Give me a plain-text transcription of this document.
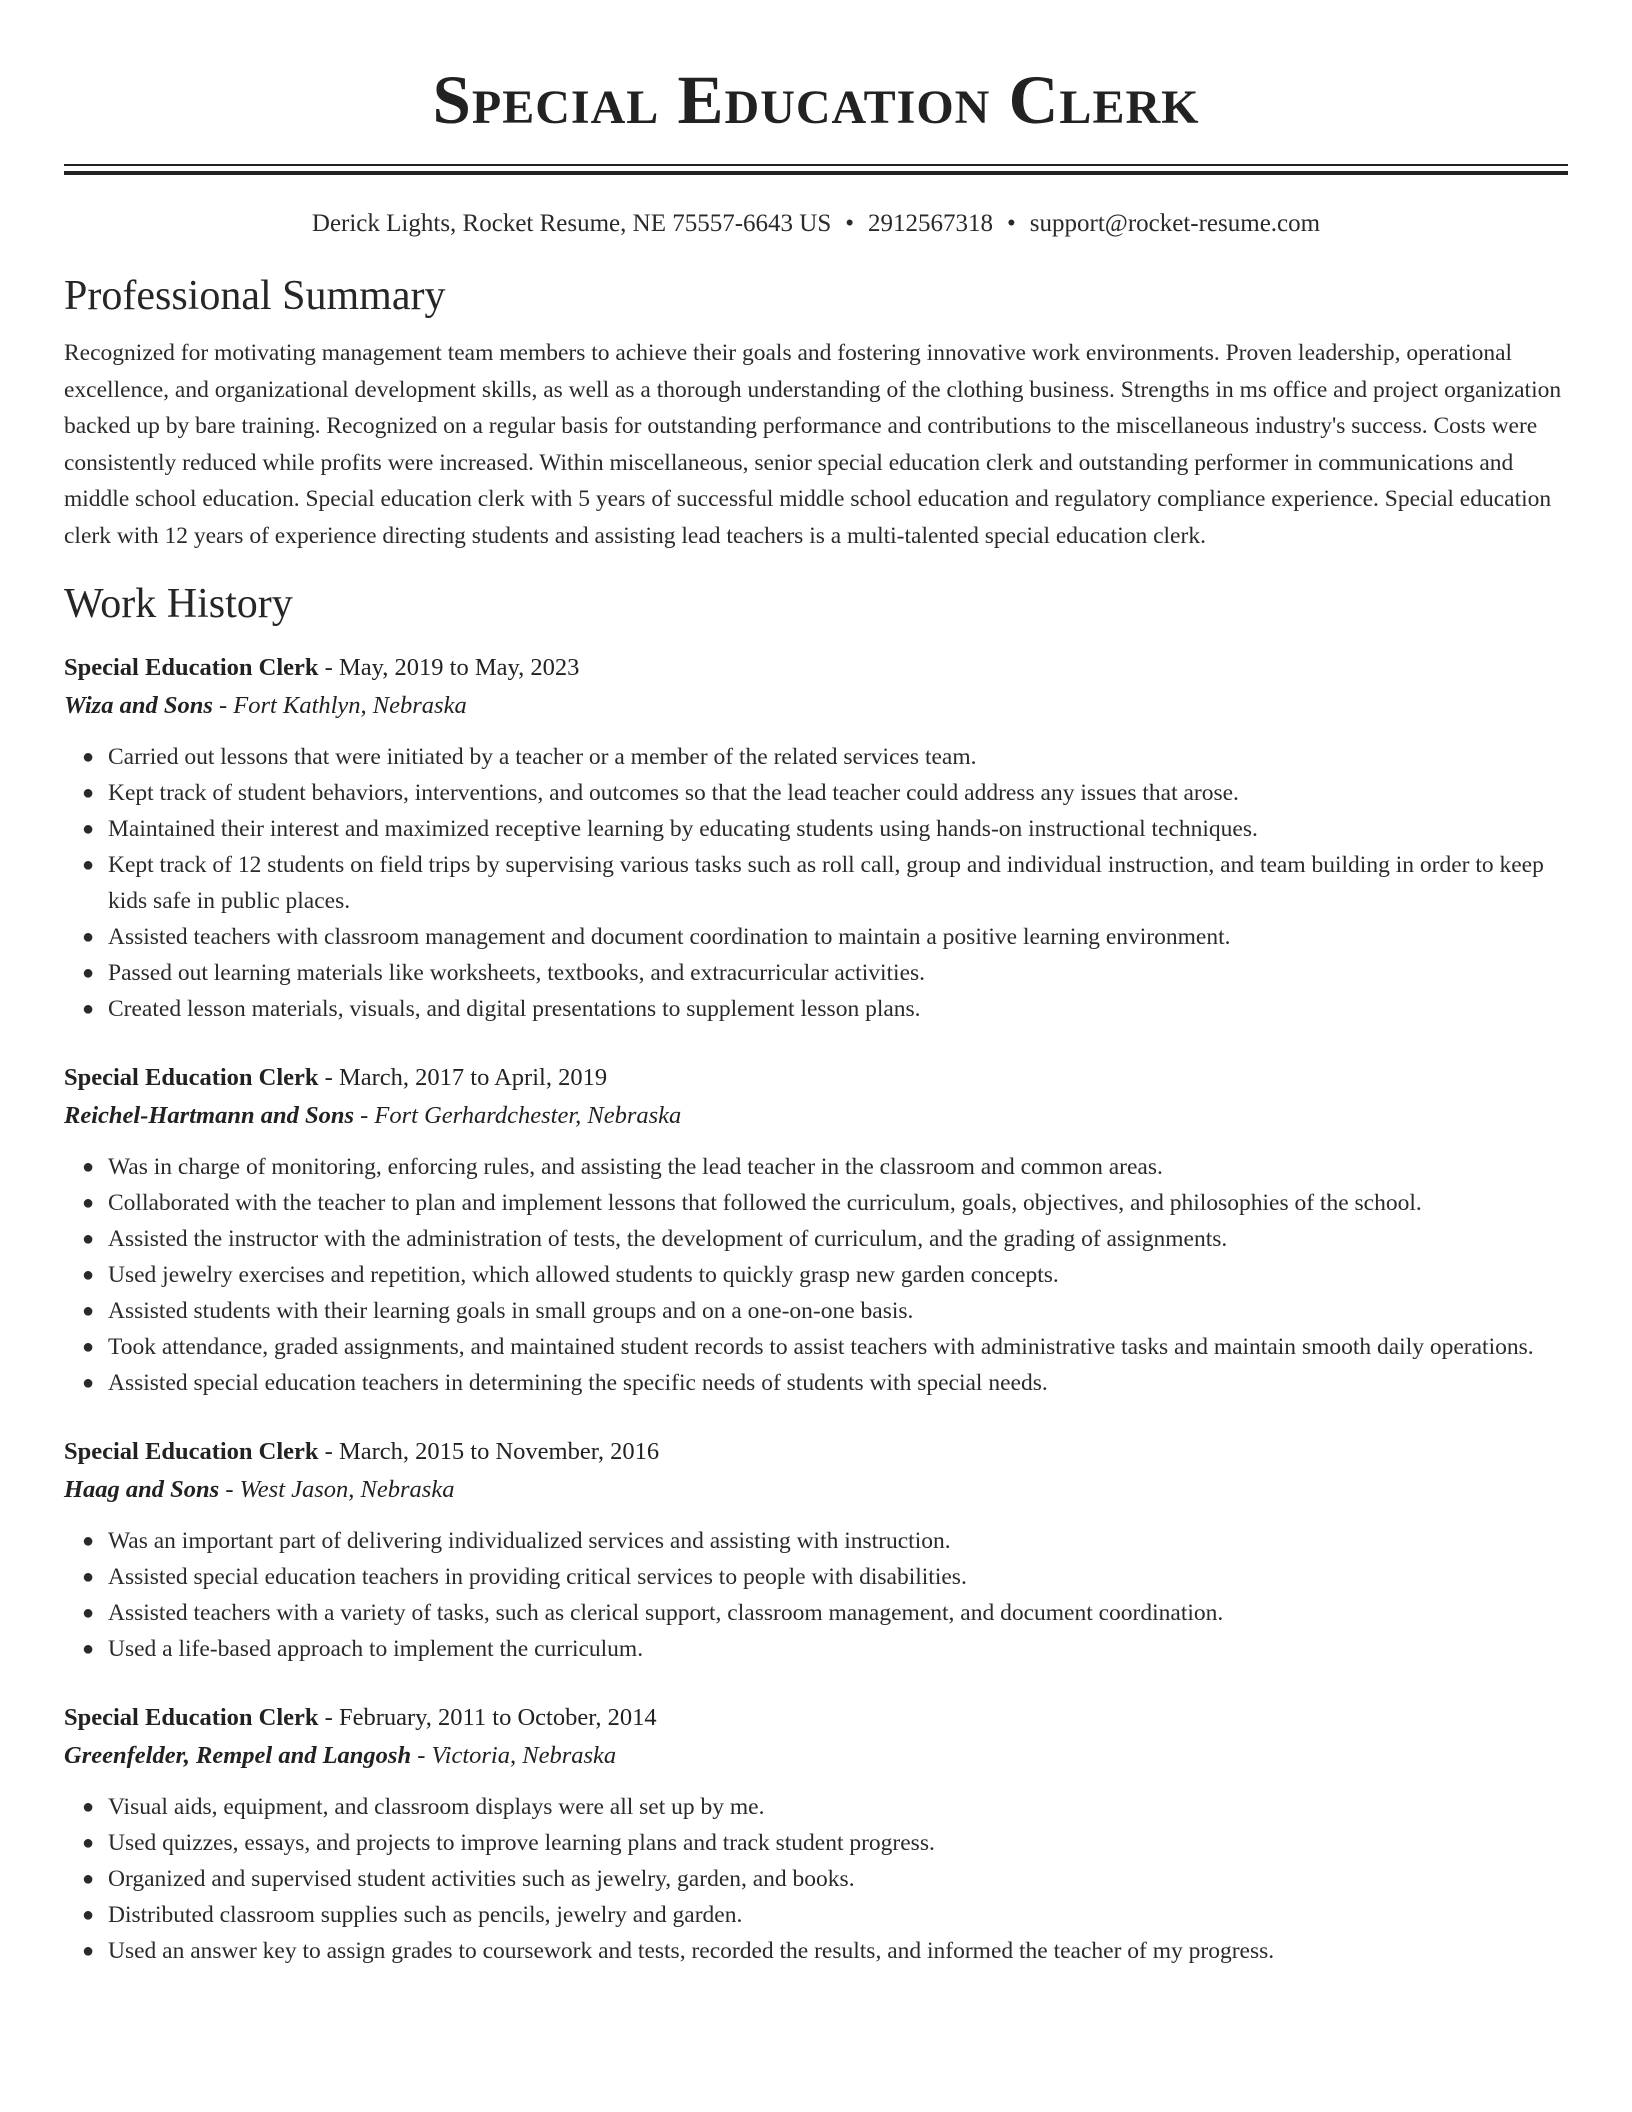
Special Education Clerk
Derick Lights, Rocket Resume, NE 75557-6643 US • 2912567318 • support@rocket-resume.com
Professional Summary

Recognized for motivating management team members to achieve their goals and fostering innovative work environments. Proven leadership, operational excellence, and organizational development skills, as well as a thorough understanding of the clothing business. Strengths in ms office and project organization backed up by bare training. Recognized on a regular basis for outstanding performance and contributions to the miscellaneous industry's success. Costs were consistently reduced while profits were increased. Within miscellaneous, senior special education clerk and outstanding performer in communications and middle school education. Special education clerk with 5 years of successful middle school education and regulatory compliance experience. Special education clerk with 12 years of experience directing students and assisting lead teachers is a multi-talented special education clerk.

Work History
Special Education Clerk - May, 2019 to May, 2023
Wiza and Sons - Fort Kathlyn, Nebraska
● Carried out lessons that were initiated by a teacher or a member of the related services team.
● Kept track of student behaviors, interventions, and outcomes so that the lead teacher could address any issues that arose.
● Maintained their interest and maximized receptive learning by educating students using hands-on instructional techniques.
● Kept track of 12 students on field trips by supervising various tasks such as roll call, group and individual instruction, and team building in order to keep kids safe in public places.
● Assisted teachers with classroom management and document coordination to maintain a positive learning environment.
● Passed out learning materials like worksheets, textbooks, and extracurricular activities.
● Created lesson materials, visuals, and digital presentations to supplement lesson plans.
Special Education Clerk - March, 2017 to April, 2019
Reichel-Hartmann and Sons - Fort Gerhardchester, Nebraska
● Was in charge of monitoring, enforcing rules, and assisting the lead teacher in the classroom and common areas.
● Collaborated with the teacher to plan and implement lessons that followed the curriculum, goals, objectives, and philosophies of the school.
● Assisted the instructor with the administration of tests, the development of curriculum, and the grading of assignments.
● Used jewelry exercises and repetition, which allowed students to quickly grasp new garden concepts.
● Assisted students with their learning goals in small groups and on a one-on-one basis.
● Took attendance, graded assignments, and maintained student records to assist teachers with administrative tasks and maintain smooth daily operations.
● Assisted special education teachers in determining the specific needs of students with special needs.
Special Education Clerk - March, 2015 to November, 2016
Haag and Sons - West Jason, Nebraska
● Was an important part of delivering individualized services and assisting with instruction.
● Assisted special education teachers in providing critical services to people with disabilities.
● Assisted teachers with a variety of tasks, such as clerical support, classroom management, and document coordination.
● Used a life-based approach to implement the curriculum.
Special Education Clerk - February, 2011 to October, 2014
Greenfelder, Rempel and Langosh - Victoria, Nebraska
● Visual aids, equipment, and classroom displays were all set up by me.
● Used quizzes, essays, and projects to improve learning plans and track student progress.
● Organized and supervised student activities such as jewelry, garden, and books.
● Distributed classroom supplies such as pencils, jewelry and garden.
● Used an answer key to assign grades to coursework and tests, recorded the results, and informed the teacher of my progress.
